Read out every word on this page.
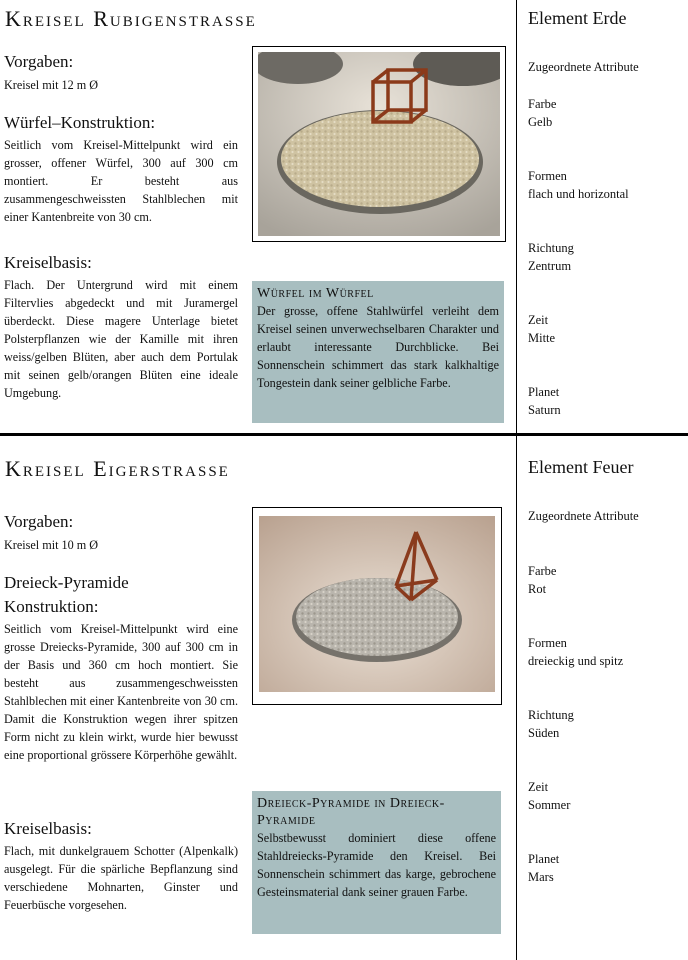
Kreisel Rubigenstrasse
Vorgaben:

Kreisel mit 12 m Ø

Würfel–Konstruktion:

Seitlich vom Kreisel-Mittelpunkt wird ein grosser, offener Würfel, 300 auf 300 cm montiert. Er besteht aus zusammengeschweissten Stahlblechen mit einer Kantenbreite von 30 cm.

Kreiselbasis:

Flach. Der Untergrund wird mit einem Filtervlies abgedeckt und mit Juramergel überdeckt. Diese magere Unterlage bietet Polsterpflanzen wie der Kamille mit ihren weiss/gelben Blüten, aber auch dem Portulak mit seinen gelb/orangen Blüten eine ideale Umgebung.

Würfel im Würfel

Der grosse, offene Stahlwürfel verleiht dem Kreisel seinen unverwechselbaren Charakter und erlaubt interessante Durchblicke. Bei Sonnenschein schimmert das stark kalkhaltige Tongestein dank seiner gelbliche Farbe.

Element Erde
Zugeordnete Attribute
Farbe
Gelb
Formen
flach und horizontal
Richtung
Zentrum
Zeit
Mitte
Planet
Saturn
Kreisel Eigerstrasse
Vorgaben:

Kreisel mit 10 m Ø

Dreieck-Pyramide
Konstruktion:

Seitlich vom Kreisel-Mittelpunkt wird eine grosse Dreiecks-Pyramide, 300 auf 300 cm in der Basis und 360 cm hoch montiert. Sie besteht aus zusammengeschweissten Stahlblechen mit einer Kantenbreite von 30 cm. Damit die Konstruktion wegen ihrer spitzen Form nicht zu klein wirkt, wurde hier bewusst eine proportional grössere Körperhöhe gewählt.

Kreiselbasis:

Flach, mit dunkelgrauem Schotter (Alpenkalk) ausgelegt. Für die spärliche Bepflanzung sind verschiedene Mohnarten, Ginster und Feuerbüsche vorgesehen.

Dreieck-Pyramide in Dreieck-Pyramide

Selbstbewusst dominiert diese offene Stahldreiecks-Pyramide den Kreisel. Bei Sonnenschein schimmert das karge, gebrochene Gesteinsmaterial dank seiner grauen Farbe.

Element Feuer
Zugeordnete Attribute
Farbe
Rot
Formen
dreieckig und spitz
Richtung
Süden
Zeit
Sommer
Planet
Mars
